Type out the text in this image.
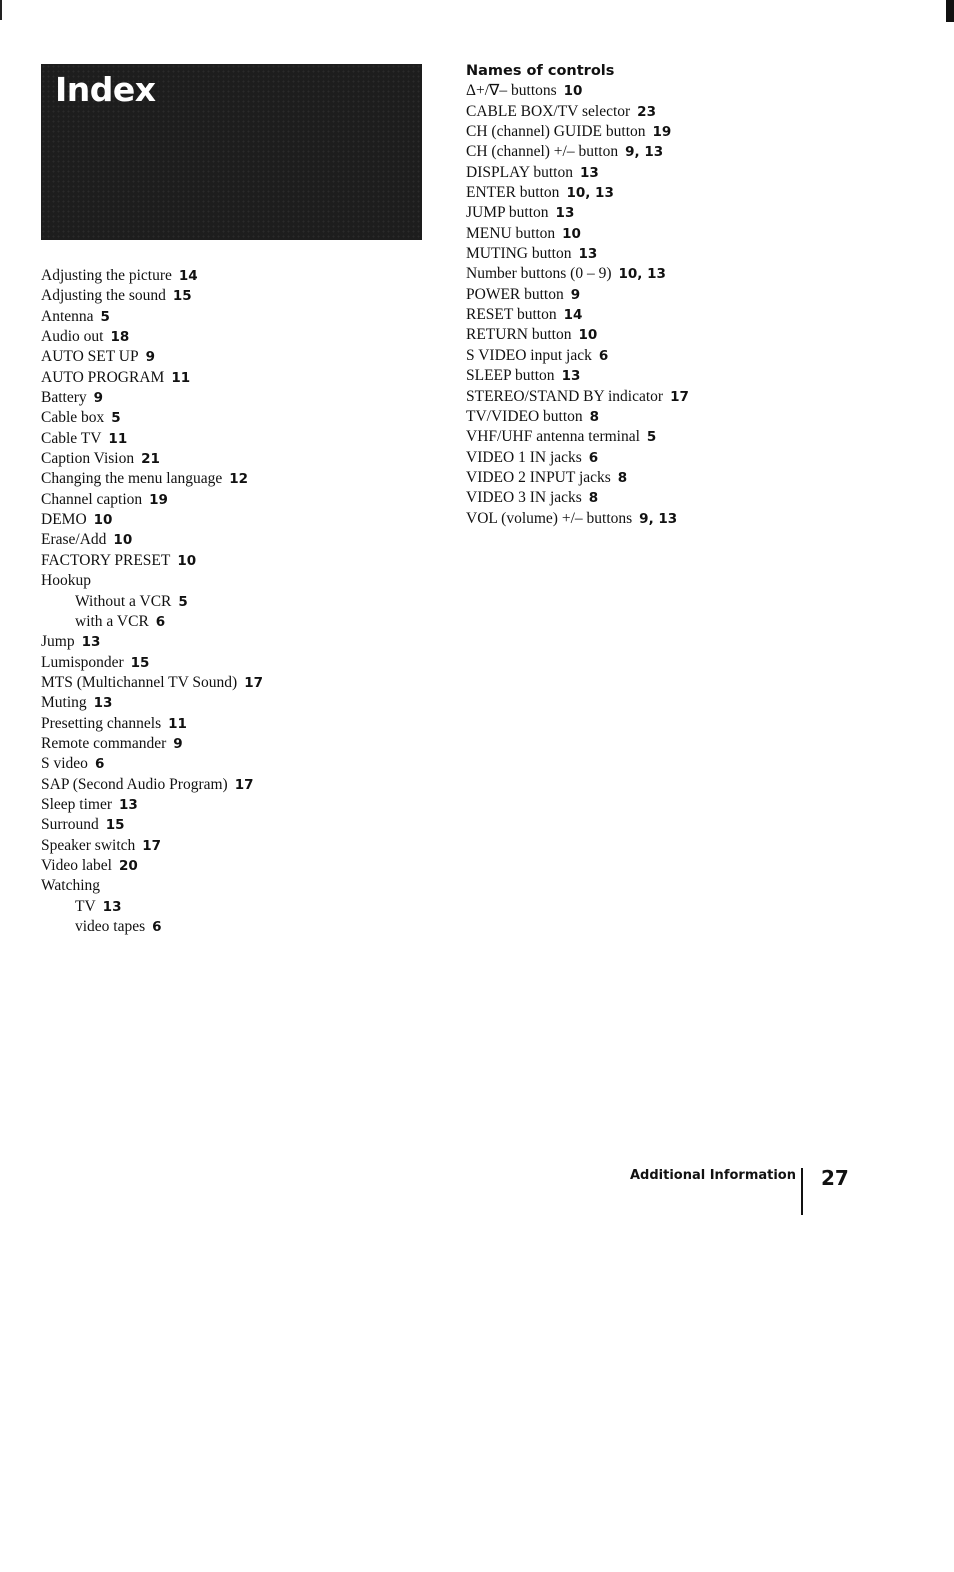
Index
Adjusting the picture 14
Adjusting the sound 15
Antenna 5
Audio out 18
AUTO SET UP 9
AUTO PROGRAM 11
Battery 9
Cable box 5
Cable TV 11
Caption Vision 21
Changing the menu language 12
Channel caption 19
DEMO 10
Erase/Add 10
FACTORY PRESET 10
Hookup
Without a VCR 5
with a VCR 6
Jump 13
Lumisponder 15
MTS (Multichannel TV Sound) 17
Muting 13
Presetting channels 11
Remote commander 9
S video 6
SAP (Second Audio Program) 17
Sleep timer 13
Surround 15
Speaker switch 17
Video label 20
Watching
TV 13
video tapes 6
Names of controls
Δ+/∇– buttons 10
CABLE BOX/TV selector 23
CH (channel) GUIDE button 19
CH (channel) +/– button 9, 13
DISPLAY button 13
ENTER button 10, 13
JUMP button 13
MENU button 10
MUTING button 13
Number buttons (0 – 9) 10, 13
POWER button 9
RESET button 14
RETURN button 10
S VIDEO input jack 6
SLEEP button 13
STEREO/STAND BY indicator 17
TV/VIDEO button 8
VHF/UHF antenna terminal 5
VIDEO 1 IN jacks 6
VIDEO 2 INPUT jacks 8
VIDEO 3 IN jacks 8
VOL (volume) +/– buttons 9, 13
Additional Information 27
